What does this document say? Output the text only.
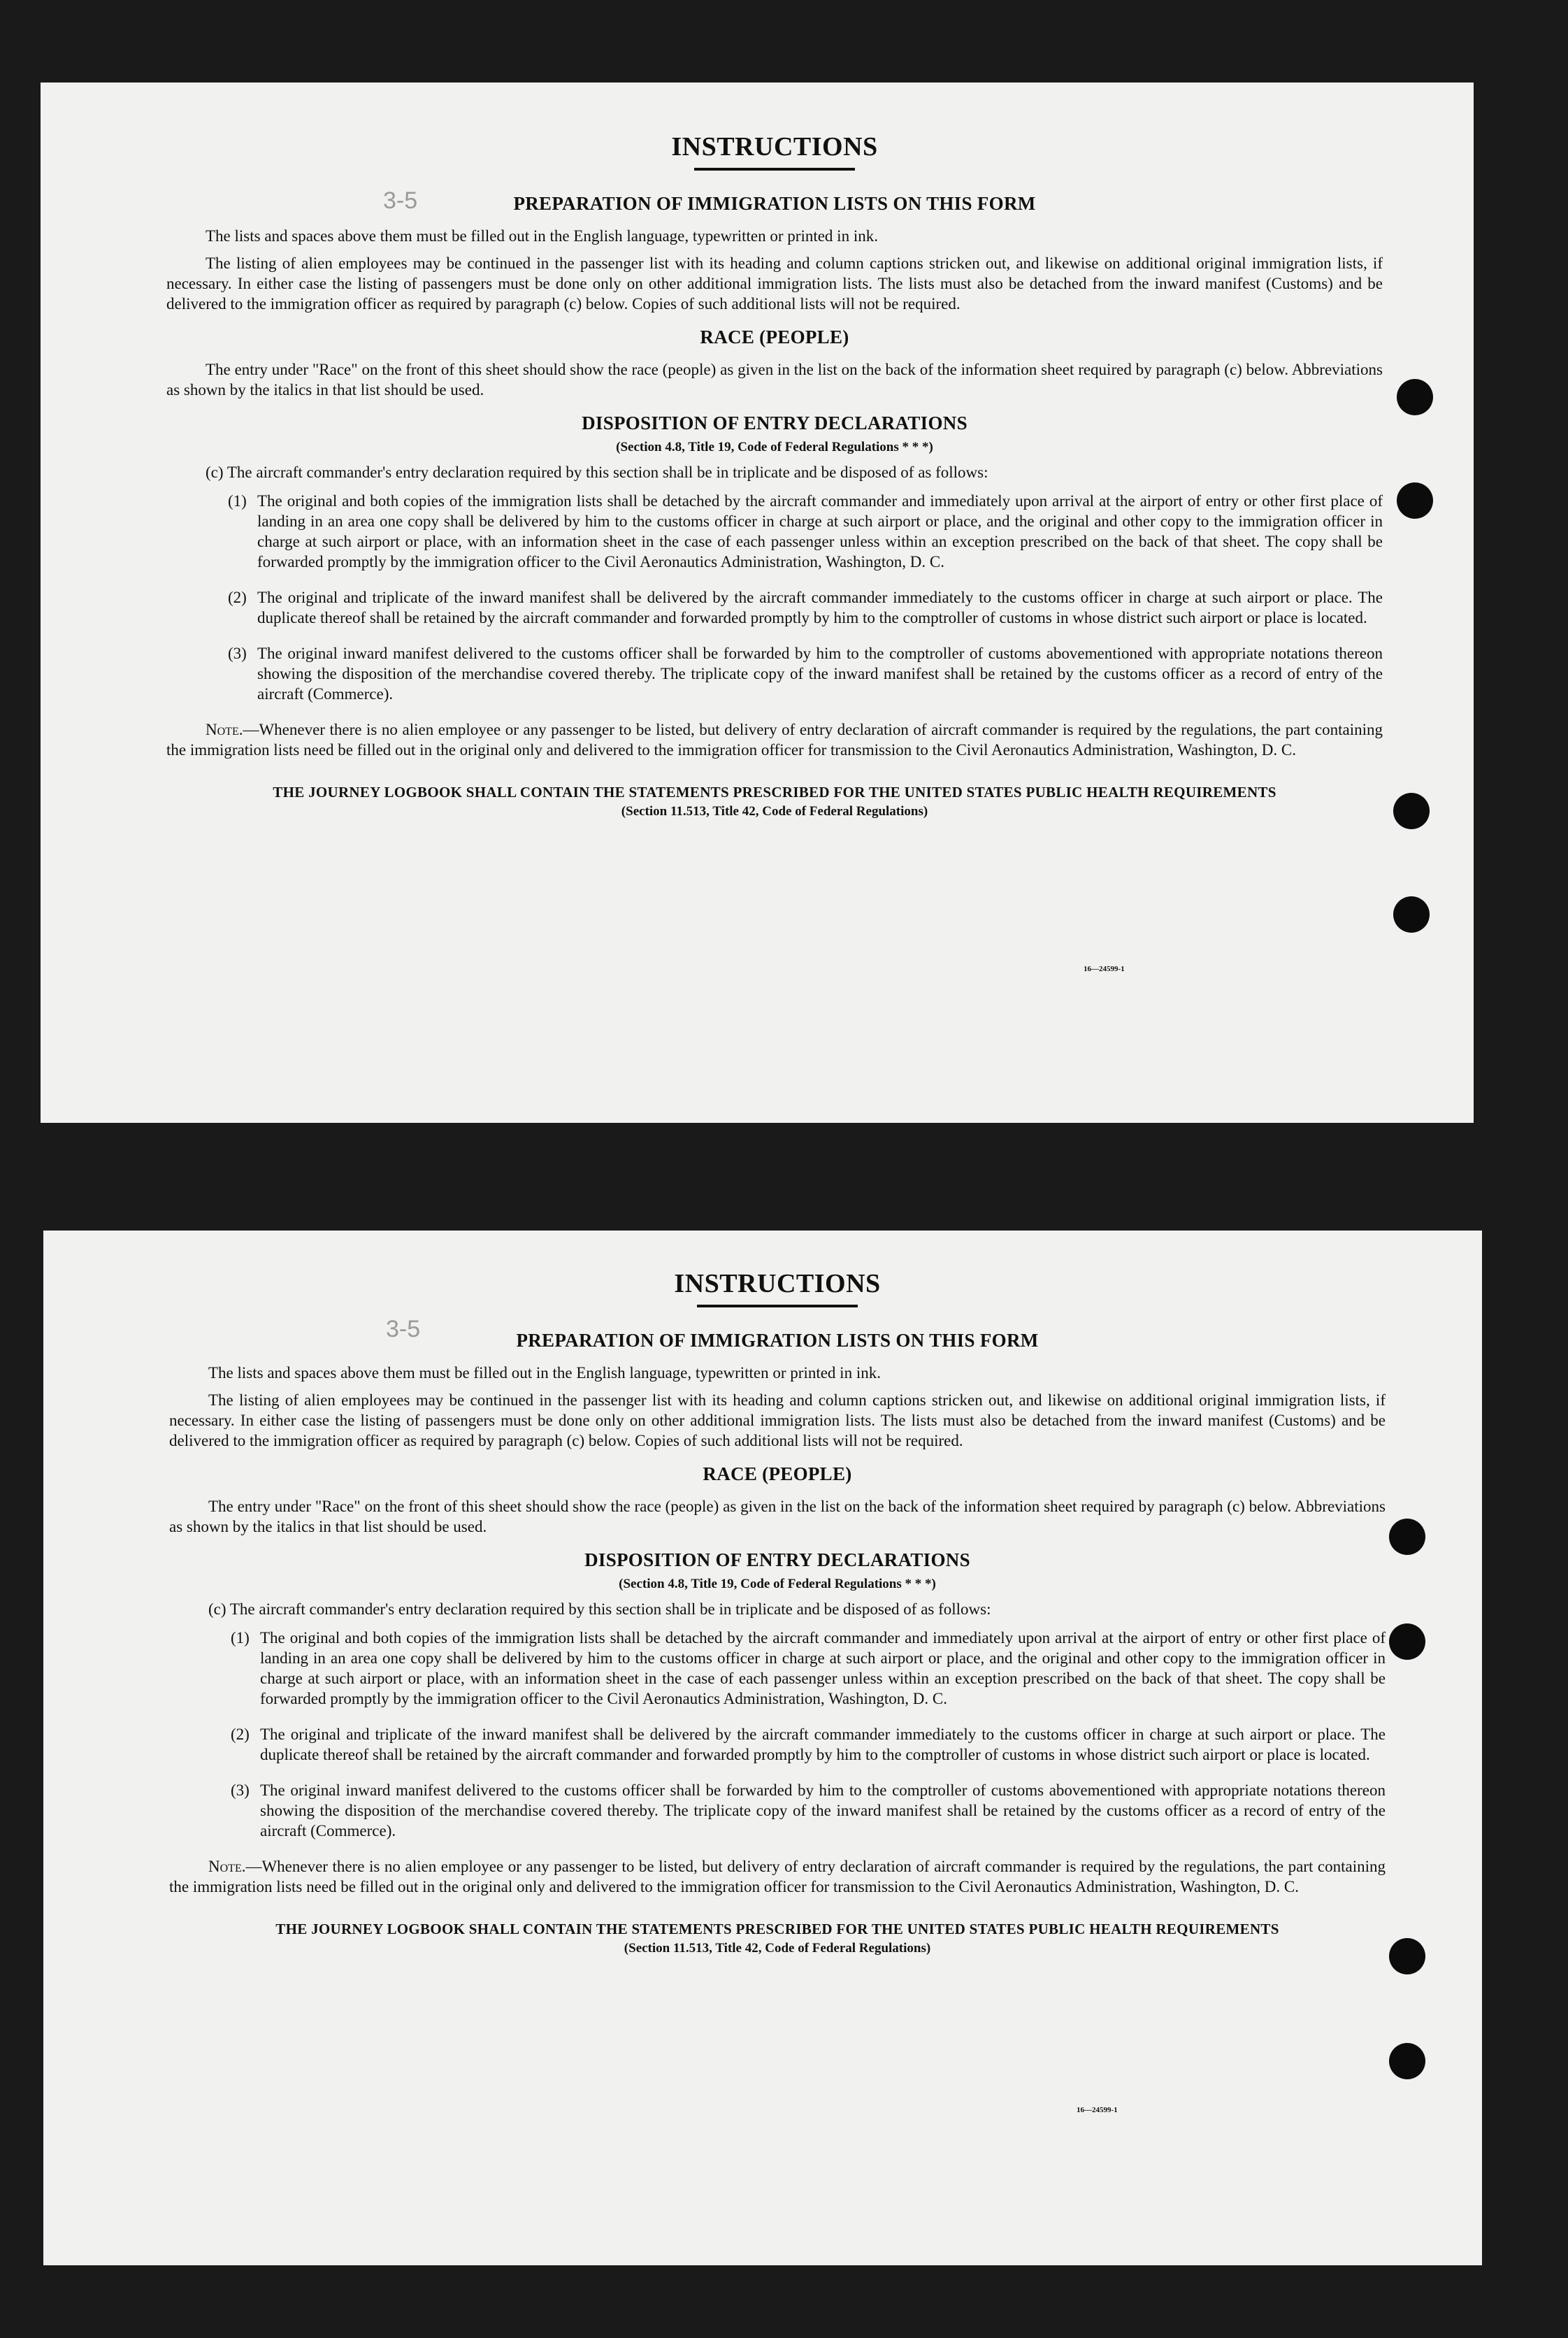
3-5
INSTRUCTIONS
PREPARATION OF IMMIGRATION LISTS ON THIS FORM

The lists and spaces above them must be filled out in the English language, typewritten or printed in ink.

The listing of alien employees may be continued in the passenger list with its heading and column captions stricken out, and likewise on additional original immigration lists, if necessary. In either case the listing of passengers must be done only on other additional immigration lists. The lists must also be detached from the inward manifest (Customs) and be delivered to the immigration officer as required by paragraph (c) below. Copies of such additional lists will not be required.

RACE (PEOPLE)

The entry under "Race" on the front of this sheet should show the race (people) as given in the list on the back of the information sheet required by paragraph (c) below. Abbreviations as shown by the italics in that list should be used.

DISPOSITION OF ENTRY DECLARATIONS
(Section 4.8, Title 19, Code of Federal Regulations * * *)

(c) The aircraft commander's entry declaration required by this section shall be in triplicate and be disposed of as follows:

(1) The original and both copies of the immigration lists shall be detached by the aircraft commander and immediately upon arrival at the airport of entry or other first place of landing in an area one copy shall be delivered by him to the customs officer in charge at such airport or place, and the original and other copy to the immigration officer in charge at such airport or place, with an information sheet in the case of each passenger unless within an exception prescribed on the back of that sheet. The copy shall be forwarded promptly by the immigration officer to the Civil Aeronautics Administration, Washington, D. C.
(2) The original and triplicate of the inward manifest shall be delivered by the aircraft commander immediately to the customs officer in charge at such airport or place. The duplicate thereof shall be retained by the aircraft commander and forwarded promptly by him to the comptroller of customs in whose district such airport or place is located.
(3) The original inward manifest delivered to the customs officer shall be forwarded by him to the comptroller of customs abovementioned with appropriate notations thereon showing the disposition of the merchandise covered thereby. The triplicate copy of the inward manifest shall be retained by the customs officer as a record of entry of the aircraft (Commerce).

Note.—Whenever there is no alien employee or any passenger to be listed, but delivery of entry declaration of aircraft commander is required by the regulations, the part containing the immigration lists need be filled out in the original only and delivered to the immigration officer for transmission to the Civil Aeronautics Administration, Washington, D. C.

THE JOURNEY LOGBOOK SHALL CONTAIN THE STATEMENTS PRESCRIBED FOR THE UNITED STATES PUBLIC HEALTH REQUIREMENTS
(Section 11.513, Title 42, Code of Federal Regulations)
16—24599-1
3-5
INSTRUCTIONS
PREPARATION OF IMMIGRATION LISTS ON THIS FORM

The lists and spaces above them must be filled out in the English language, typewritten or printed in ink.

The listing of alien employees may be continued in the passenger list with its heading and column captions stricken out, and likewise on additional original immigration lists, if necessary. In either case the listing of passengers must be done only on other additional immigration lists. The lists must also be detached from the inward manifest (Customs) and be delivered to the immigration officer as required by paragraph (c) below. Copies of such additional lists will not be required.

RACE (PEOPLE)

The entry under "Race" on the front of this sheet should show the race (people) as given in the list on the back of the information sheet required by paragraph (c) below. Abbreviations as shown by the italics in that list should be used.

DISPOSITION OF ENTRY DECLARATIONS
(Section 4.8, Title 19, Code of Federal Regulations * * *)

(c) The aircraft commander's entry declaration required by this section shall be in triplicate and be disposed of as follows:

(1) The original and both copies of the immigration lists shall be detached by the aircraft commander and immediately upon arrival at the airport of entry or other first place of landing in an area one copy shall be delivered by him to the customs officer in charge at such airport or place, and the original and other copy to the immigration officer in charge at such airport or place, with an information sheet in the case of each passenger unless within an exception prescribed on the back of that sheet. The copy shall be forwarded promptly by the immigration officer to the Civil Aeronautics Administration, Washington, D. C.
(2) The original and triplicate of the inward manifest shall be delivered by the aircraft commander immediately to the customs officer in charge at such airport or place. The duplicate thereof shall be retained by the aircraft commander and forwarded promptly by him to the comptroller of customs in whose district such airport or place is located.
(3) The original inward manifest delivered to the customs officer shall be forwarded by him to the comptroller of customs abovementioned with appropriate notations thereon showing the disposition of the merchandise covered thereby. The triplicate copy of the inward manifest shall be retained by the customs officer as a record of entry of the aircraft (Commerce).

Note.—Whenever there is no alien employee or any passenger to be listed, but delivery of entry declaration of aircraft commander is required by the regulations, the part containing the immigration lists need be filled out in the original only and delivered to the immigration officer for transmission to the Civil Aeronautics Administration, Washington, D. C.

THE JOURNEY LOGBOOK SHALL CONTAIN THE STATEMENTS PRESCRIBED FOR THE UNITED STATES PUBLIC HEALTH REQUIREMENTS
(Section 11.513, Title 42, Code of Federal Regulations)
16—24599-1
